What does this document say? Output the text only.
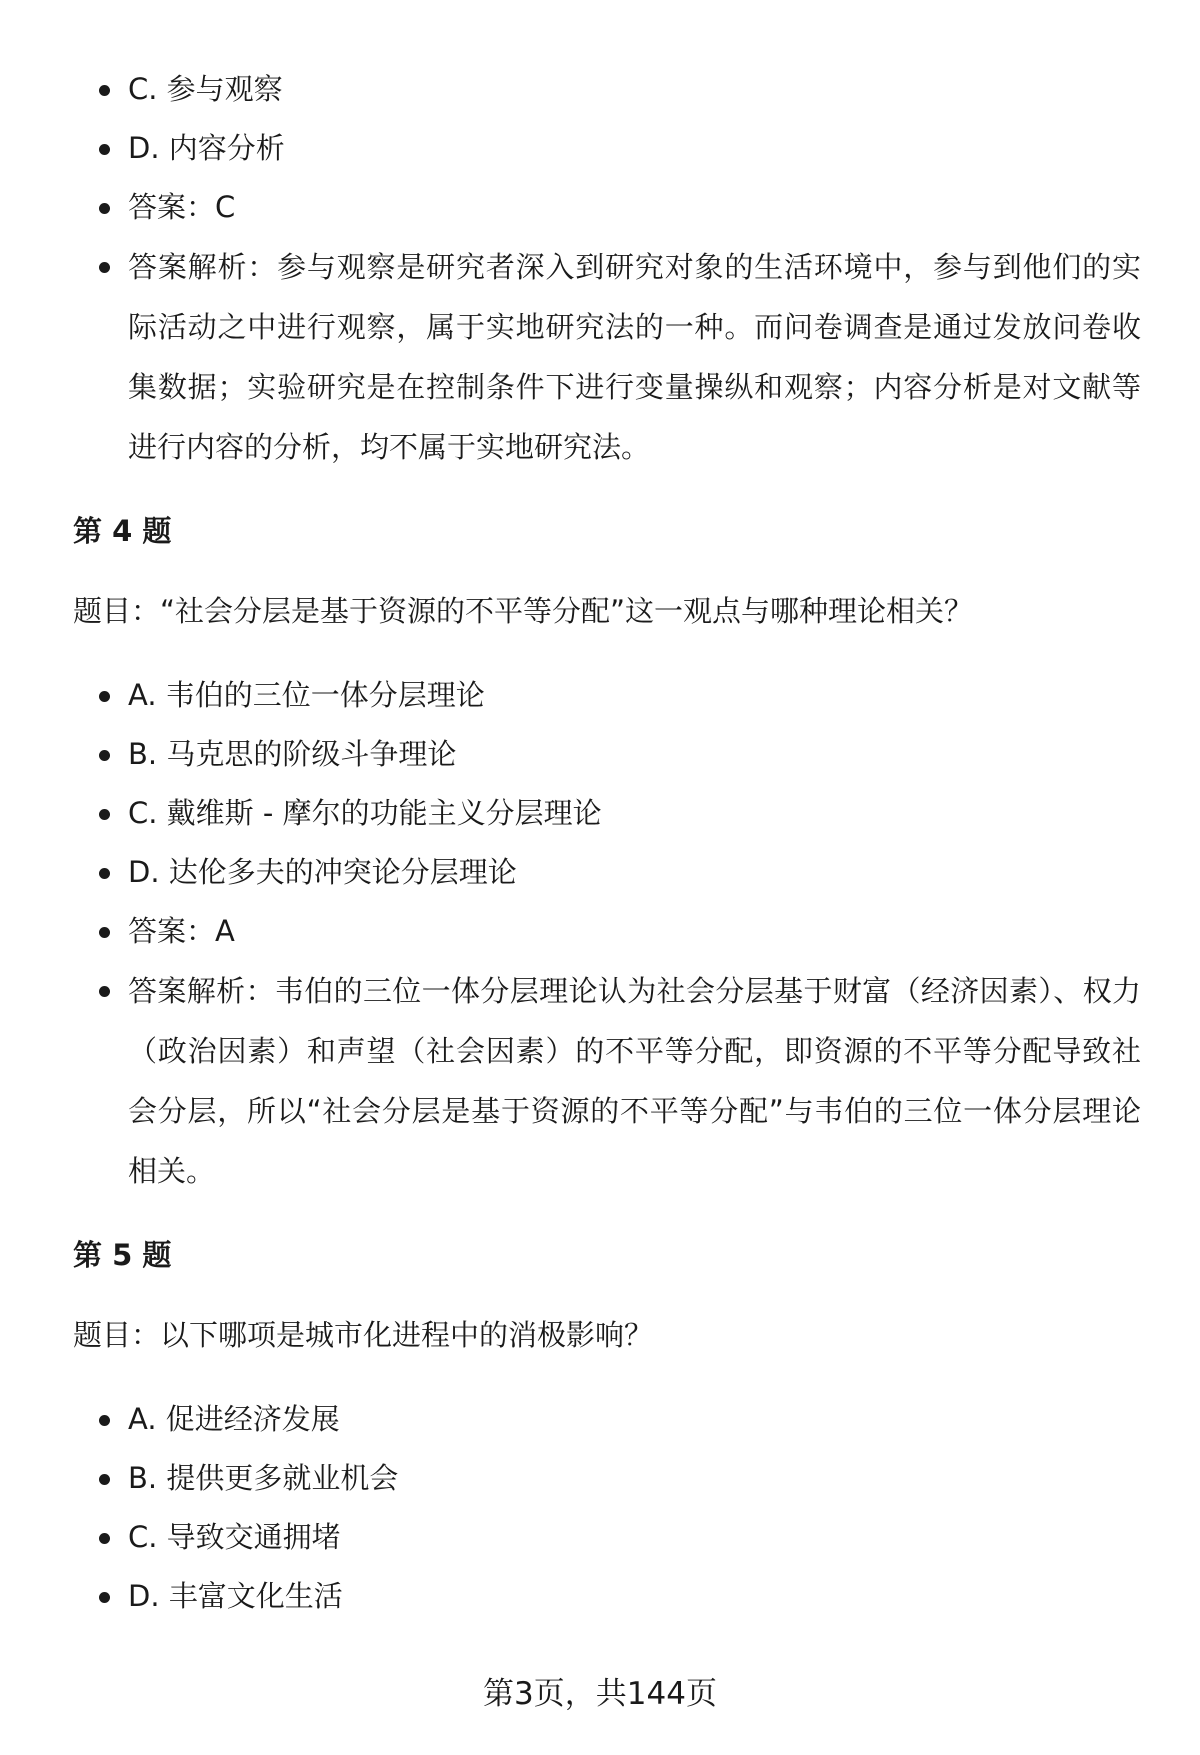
C. 参与观察
D. 内容分析
答案：C
答案解析：参与观察是研究者深入到研究对象的生活环境中，参与到他们的实际活动之中进行观察，属于实地研究法的一种。而问卷调查是通过发放问卷收集数据；实验研究是在控制条件下进行变量操纵和观察；内容分析是对文献等进行内容的分析，均不属于实地研究法。
第 4 题

题目：“社会分层是基于资源的不平等分配”这一观点与哪种理论相关？

A. 韦伯的三位一体分层理论
B. 马克思的阶级斗争理论
C. 戴维斯 - 摩尔的功能主义分层理论
D. 达伦多夫的冲突论分层理论
答案：A
答案解析：韦伯的三位一体分层理论认为社会分层基于财富（经济因素）、权力（政治因素）和声望（社会因素）的不平等分配，即资源的不平等分配导致社会分层，所以“社会分层是基于资源的不平等分配”与韦伯的三位一体分层理论相关。
第 5 题

题目：以下哪项是城市化进程中的消极影响？

A. 促进经济发展
B. 提供更多就业机会
C. 导致交通拥堵
D. 丰富文化生活
第3页，共144页
